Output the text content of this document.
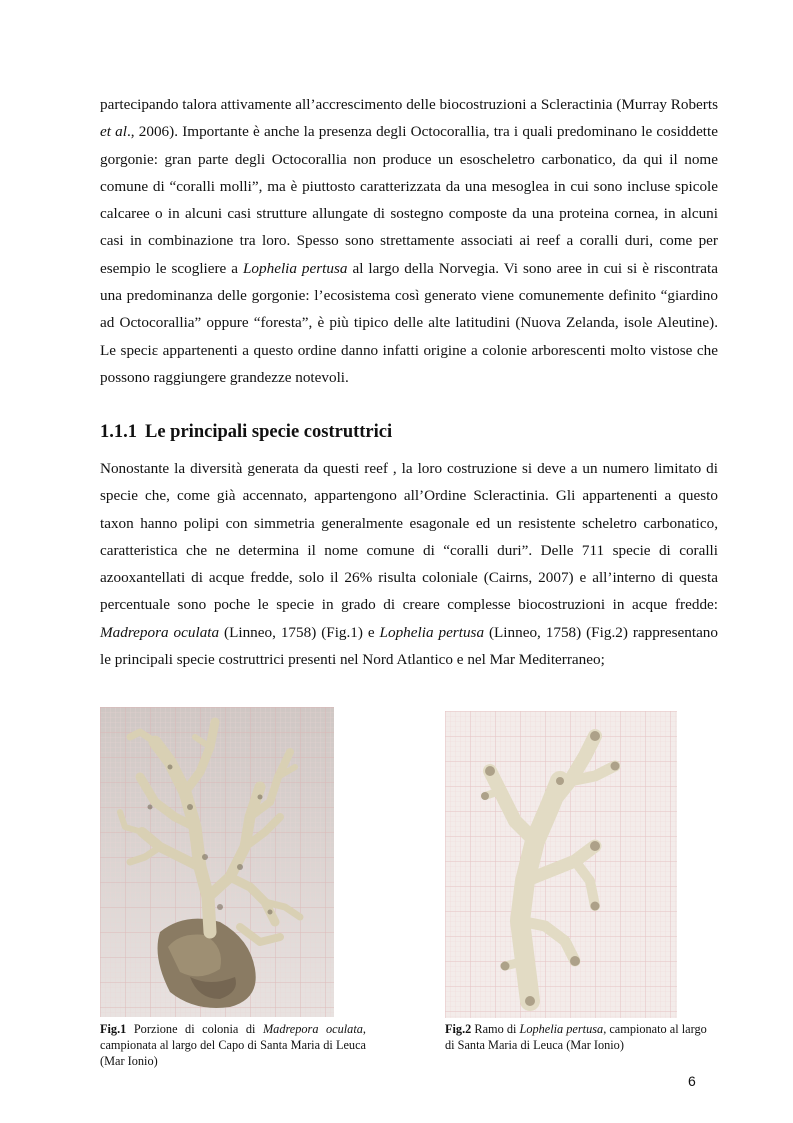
partecipando talora attivamente all’accrescimento delle biocostruzioni a Scleractinia (Murray Roberts et al., 2006). Importante è anche la presenza degli Octocorallia, tra i quali predominano le cosiddette gorgonie: gran parte degli Octocorallia non produce un esoscheletro carbonatico, da qui il nome comune di “coralli molli”, ma è piuttosto caratterizzata da una mesoglea in cui sono incluse spicole calcaree o in alcuni casi strutture allungate di sostegno composte da una proteina cornea, in alcuni casi in combinazione tra loro. Spesso sono strettamente associati ai reef a coralli duri, come per esempio le scogliere a Lophelia pertusa al largo della Norvegia. Vi sono aree in cui si è riscontrata una predominanza delle gorgonie: l’ecosistema così generato viene comunemente definito “giardino ad Octocorallia” oppure “foresta”, è più tipico delle alte latitudini (Nuova Zelanda, isole Aleutine). Le speciɛ appartenenti a questo ordine danno infatti origine a colonie arborescenti molto vistose che possono raggiungere grandezze notevoli.

1.1.1 Le principali specie costruttrici

Nonostante la diversità generata da questi reef , la loro costruzione si deve a un numero limitato di specie che, come già accennato, appartengono all’Ordine Scleractinia. Gli appartenenti a questo taxon hanno polipi con simmetria generalmente esagonale ed un resistente scheletro carbonatico, caratteristica che ne determina il nome comune di “coralli duri”. Delle 711 specie di coralli azooxantellati di acque fredde, solo il 26% risulta coloniale (Cairns, 2007) e all’interno di questa percentuale sono poche le specie in grado di creare complesse biocostruzioni in acque fredde: Madrepora oculata (Linneo, 1758) (Fig.1) e Lophelia pertusa (Linneo, 1758) (Fig.2) rappresentano le principali specie costruttrici presenti nel Nord Atlantico e nel Mar Mediterraneo;

Fig.1 Porzione di colonia di Madrepora oculata, campionata al largo del Capo di Santa Maria di Leuca (Mar Ionio)

Fig.2 Ramo di Lophelia pertusa, campionato al largo di Santa Maria di Leuca (Mar Ionio)

6
